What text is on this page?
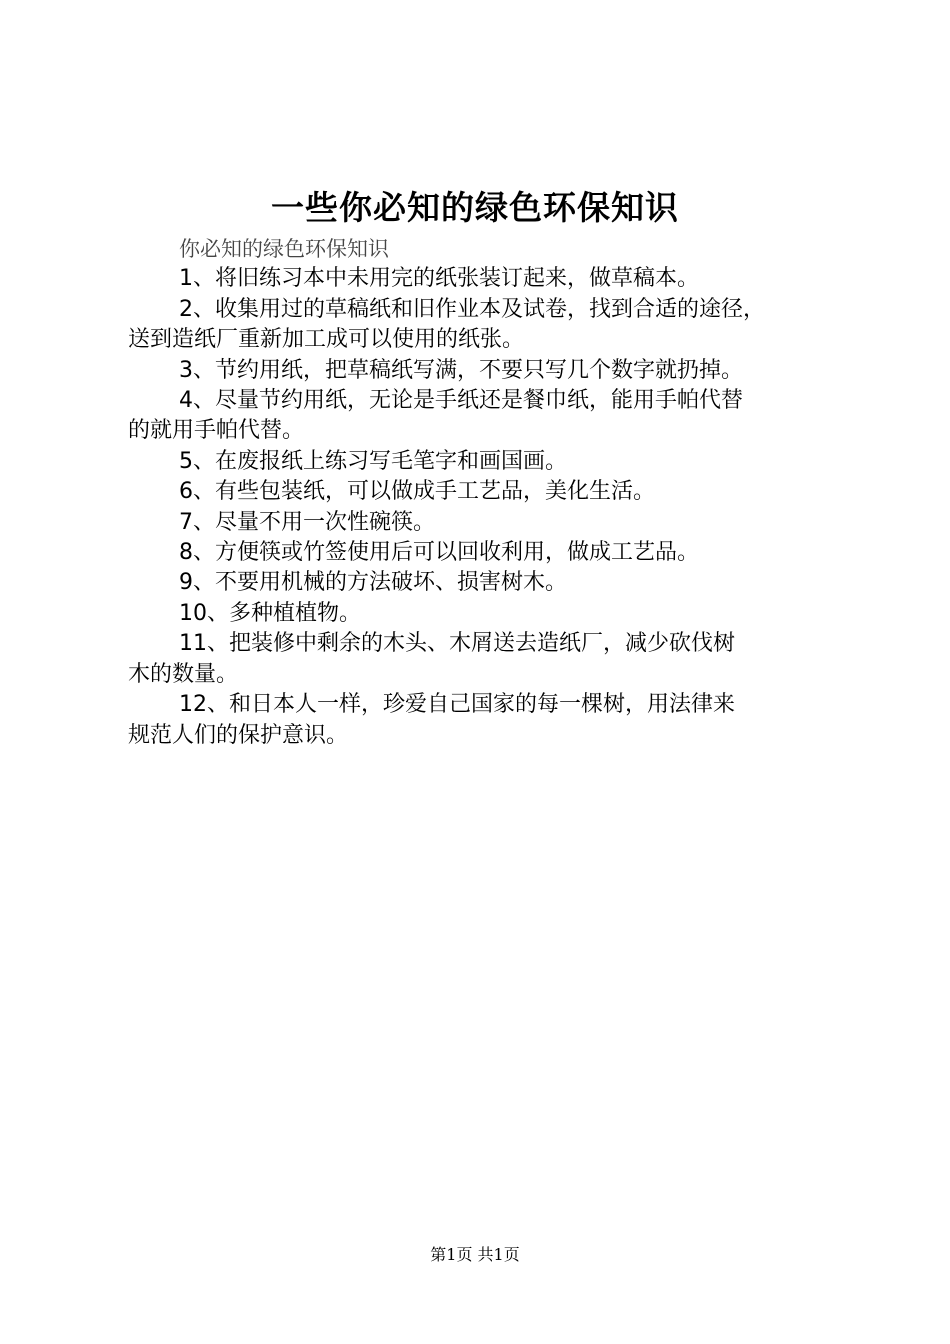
一些你必知的绿色环保知识

你必知的绿色环保知识

1、将旧练习本中未用完的纸张装订起来，做草稿本。

2、收集用过的草稿纸和旧作业本及试卷，找到合适的途径，
送到造纸厂重新加工成可以使用的纸张。

3、节约用纸，把草稿纸写满，不要只写几个数字就扔掉。

4、尽量节约用纸，无论是手纸还是餐巾纸，能用手帕代替
的就用手帕代替。

5、在废报纸上练习写毛笔字和画国画。

6、有些包装纸，可以做成手工艺品，美化生活。

7、尽量不用一次性碗筷。

8、方便筷或竹签使用后可以回收利用，做成工艺品。

9、不要用机械的方法破坏、损害树木。

10、多种植植物。

11、把装修中剩余的木头、木屑送去造纸厂，减少砍伐树
木的数量。

12、和日本人一样，珍爱自己国家的每一棵树，用法律来
规范人们的保护意识。

第1页 共1页
